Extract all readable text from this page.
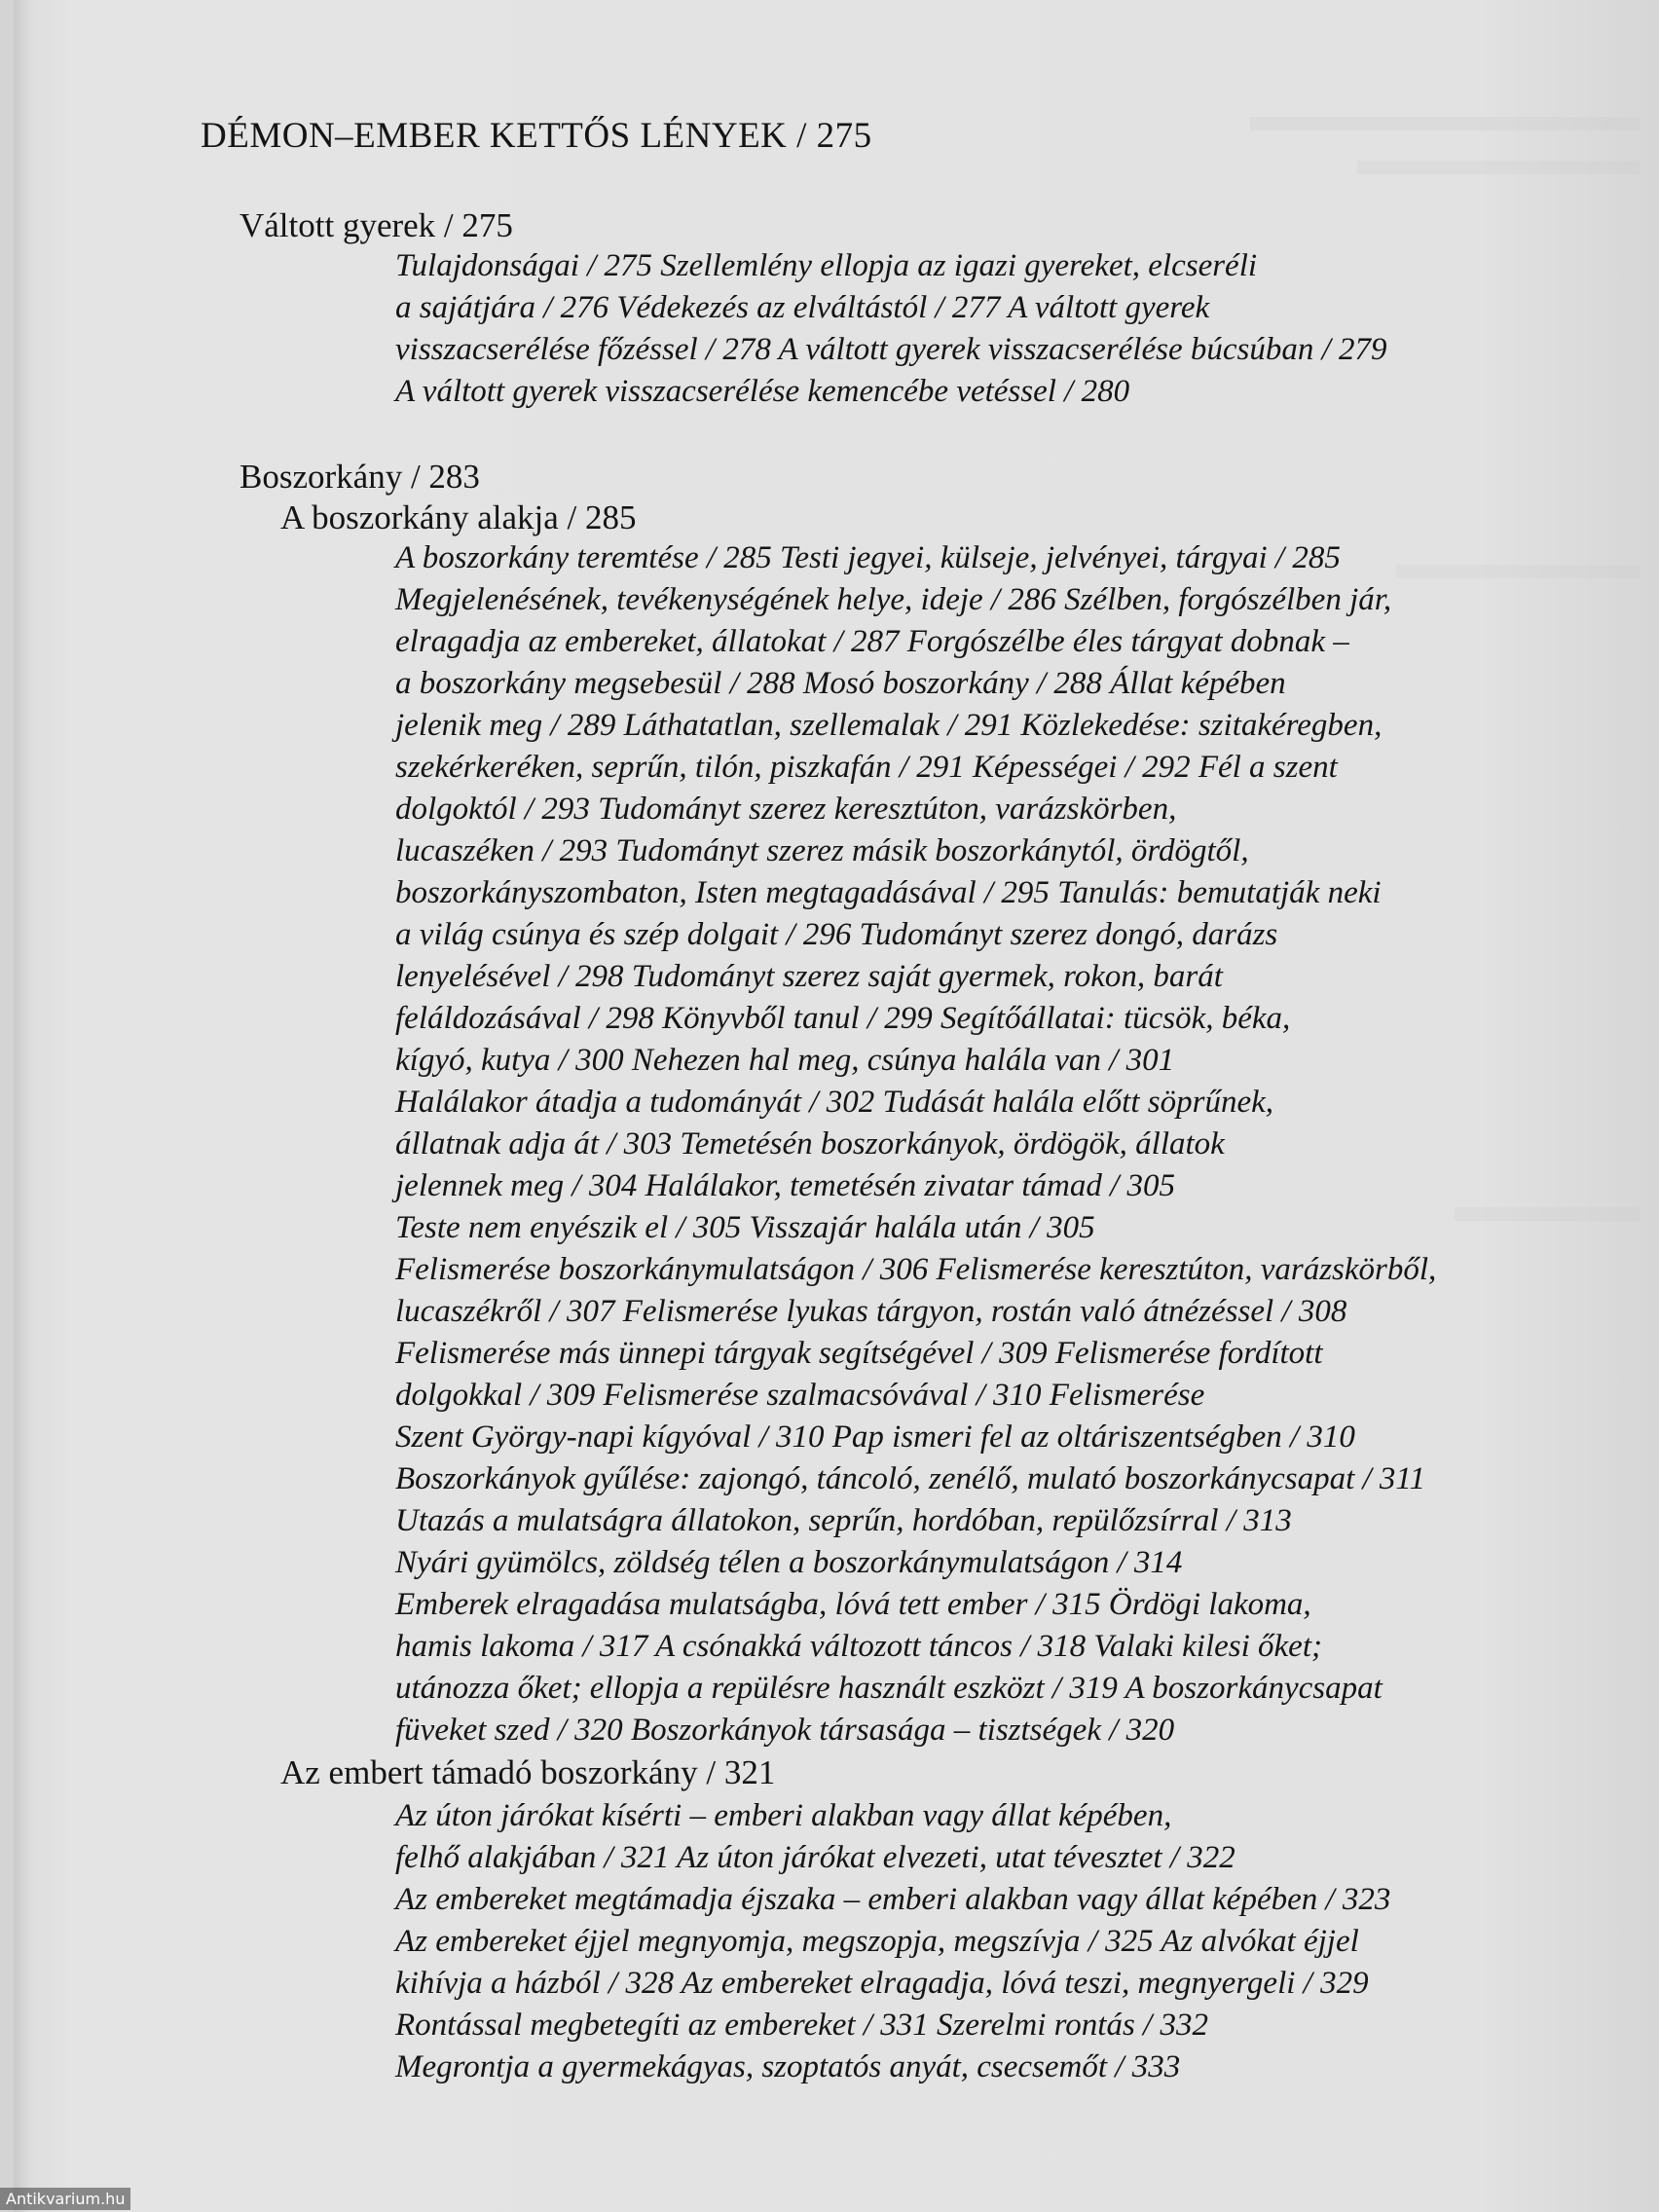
DÉMON–EMBER KETTŐS LÉNYEK / 275
Váltott gyerek / 275
Tulajdonságai / 275 Szellemlény ellopja az igazi gyereket, elcseréli
a sajátjára / 276 Védekezés az elváltástól / 277 A váltott gyerek
visszacserélése főzéssel / 278 A váltott gyerek visszacserélése búcsúban / 279
A váltott gyerek visszacserélése kemencébe vetéssel / 280
Boszorkány / 283
A boszorkány alakja / 285
A boszorkány teremtése / 285 Testi jegyei, külseje, jelvényei, tárgyai / 285
Megjelenésének, tevékenységének helye, ideje / 286 Szélben, forgószélben jár,
elragadja az embereket, állatokat / 287 Forgószélbe éles tárgyat dobnak –
a boszorkány megsebesül / 288 Mosó boszorkány / 288 Állat képében
jelenik meg / 289 Láthatatlan, szellemalak / 291 Közlekedése: szitakéregben,
szekérkeréken, seprűn, tilón, piszkafán / 291 Képességei / 292 Fél a szent
dolgoktól / 293 Tudományt szerez keresztúton, varázskörben,
lucaszéken / 293 Tudományt szerez másik boszorkánytól, ördögtől,
boszorkányszombaton, Isten megtagadásával / 295 Tanulás: bemutatják neki
a világ csúnya és szép dolgait / 296 Tudományt szerez dongó, darázs
lenyelésével / 298 Tudományt szerez saját gyermek, rokon, barát
feláldozásával / 298 Könyvből tanul / 299 Segítőállatai: tücsök, béka,
kígyó, kutya / 300 Nehezen hal meg, csúnya halála van / 301
Halálakor átadja a tudományát / 302 Tudását halála előtt söprűnek,
állatnak adja át / 303 Temetésén boszorkányok, ördögök, állatok
jelennek meg / 304 Halálakor, temetésén zivatar támad / 305
Teste nem enyészik el / 305 Visszajár halála után / 305
Felismerése boszorkánymulatságon / 306 Felismerése keresztúton, varázskörből,
lucaszékről / 307 Felismerése lyukas tárgyon, rostán való átnézéssel / 308
Felismerése más ünnepi tárgyak segítségével / 309 Felismerése fordított
dolgokkal / 309 Felismerése szalmacsóvával / 310 Felismerése
Szent György-napi kígyóval / 310 Pap ismeri fel az oltáriszentségben / 310
Boszorkányok gyűlése: zajongó, táncoló, zenélő, mulató boszorkánycsapat / 311
Utazás a mulatságra állatokon, seprűn, hordóban, repülőzsírral / 313
Nyári gyümölcs, zöldség télen a boszorkánymulatságon / 314
Emberek elragadása mulatságba, lóvá tett ember / 315 Ördögi lakoma,
hamis lakoma / 317 A csónakká változott táncos / 318 Valaki kilesi őket;
utánozza őket; ellopja a repülésre használt eszközt / 319 A boszorkánycsapat
füveket szed / 320 Boszorkányok társasága – tisztségek / 320
Az embert támadó boszorkány / 321
Az úton járókat kísérti – emberi alakban vagy állat képében,
felhő alakjában / 321 Az úton járókat elvezeti, utat tévesztet / 322
Az embereket megtámadja éjszaka – emberi alakban vagy állat képében / 323
Az embereket éjjel megnyomja, megszopja, megszívja / 325 Az alvókat éjjel
kihívja a házból / 328 Az embereket elragadja, lóvá teszi, megnyergeli / 329
Rontással megbetegíti az embereket / 331 Szerelmi rontás / 332
Megrontja a gyermekágyas, szoptatós anyát, csecsemőt / 333
Antikvarium.hu
